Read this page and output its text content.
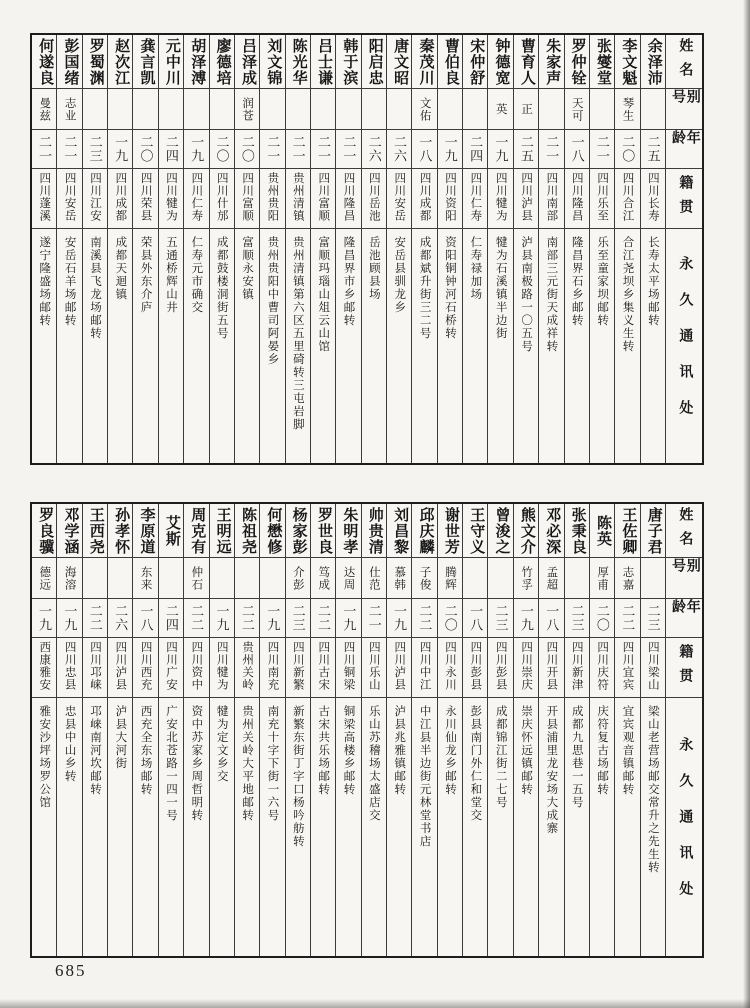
姓名
别号
年龄
籍贯
永久通讯处
余泽沛
二五
四川长寿
长寿太平场邮转
李文魁
琴生
二〇
四川合江
合江尧坝乡集义生转
张燮堂
二一
四川乐至
乐至童家坝邮转
罗仲铨
天可
一八
四川隆昌
隆昌界石乡邮转
朱家声
二一
四川南部
南部三元街天成祥转
曹育人
正
二五
四川泸县
泸县南极路一〇五号
钟德宽
英
一九
四川犍为
犍为石溪镇半边街
宋仲舒
二四
四川仁寿
仁寿禄加场
曹伯良
一九
四川资阳
资阳铜钟河石桥转
秦茂川
文佑
一八
四川成都
成都斌升街三二号
唐文昭
二六
四川安岳
安岳县驯龙乡
阳启忠
二六
四川岳池
岳池顾县场
韩于滨
二一
四川隆昌
隆昌界市乡邮转
吕士谦
二一
四川富顺
富顺玛瑙山俎云山馆
陈光华
二一
贵州清镇
贵州清镇第六区五里碕转三屯岩脚
刘文锦
二一
贵州贵阳
贵州贵阳中曹司阿晏乡
吕泽成
润苍
二〇
四川富顺
富顺永安镇
廖德培
二〇
四川什邡
成都鼓楼洞街五号
胡泽溥
一九
四川仁寿
仁寿元市确交
元中川
二四
四川犍为
五通桥辉山井
龚言凯
二〇
四川荣县
荣县外东介庐
赵次江
一九
四川成都
成都天迴镇
罗蜀渊
二三
四川江安
南溪县飞龙场邮转
彭国绪
志业
二一
四川安岳
安岳石羊场邮转
何遂良
曼兹
二一
四川蓬溪
遂宁隆盛场邮转
姓名
别号
年龄
籍贯
永久通讯处
唐子君
二三
四川梁山
梁山老营场邮交常升之先生转
王佐卿
志嘉
二二
四川宜宾
宜宾观音镇邮转
陈英
厚甫
二〇
四川庆符
庆符复古场邮转
张秉良
二三
四川新津
成都九思巷一五号
邓必深
孟超
一八
四川开县
开县浦里龙安场大成寨
熊文介
竹孚
一九
四川崇庆
崇庆怀远镇邮转
曾浚之
二三
四川彭县
成都锦江街二七号
王守义
一八
四川彭县
彭县南门外仁和堂交
谢世芳
腾辉
二〇
四川永川
永川仙龙乡邮转
邱庆麟
子俊
二二
四川中江
中江县半边街元林堂书店
刘昌黎
慕韩
一九
四川泸县
泸县兆雅镇邮转
帅贵清
仕范
二一
四川乐山
乐山苏稽场太盛店交
朱明孝
达周
一九
四川铜梁
铜梁高楼乡邮转
罗世良
笃成
二二
四川古宋
古宋共乐场邮转
杨家彭
介彭
二三
四川新繁
新繁东街丁字口杨吟舫转
何懋修
一九
四川南充
南充十字下街一六号
陈祖尧
二二
贵州关岭
贵州关岭大平地邮转
王明远
一九
四川犍为
犍为定文乡交
周克有
仲石
二二
四川资中
资中苏家乡周哲明转
艾斯
二四
四川广安
广安北苍路一四一号
李原道
东来
一八
四川西充
西充全东场邮转
孙孝怀
二六
四川泸县
泸县大河街
王西尧
二二
四川邛崃
邛崃南河坎邮转
邓学涵
海溶
一九
四川忠县
忠县中山乡转
罗良骥
德远
一九
西康雅安
雅安沙坪场罗公馆
685
